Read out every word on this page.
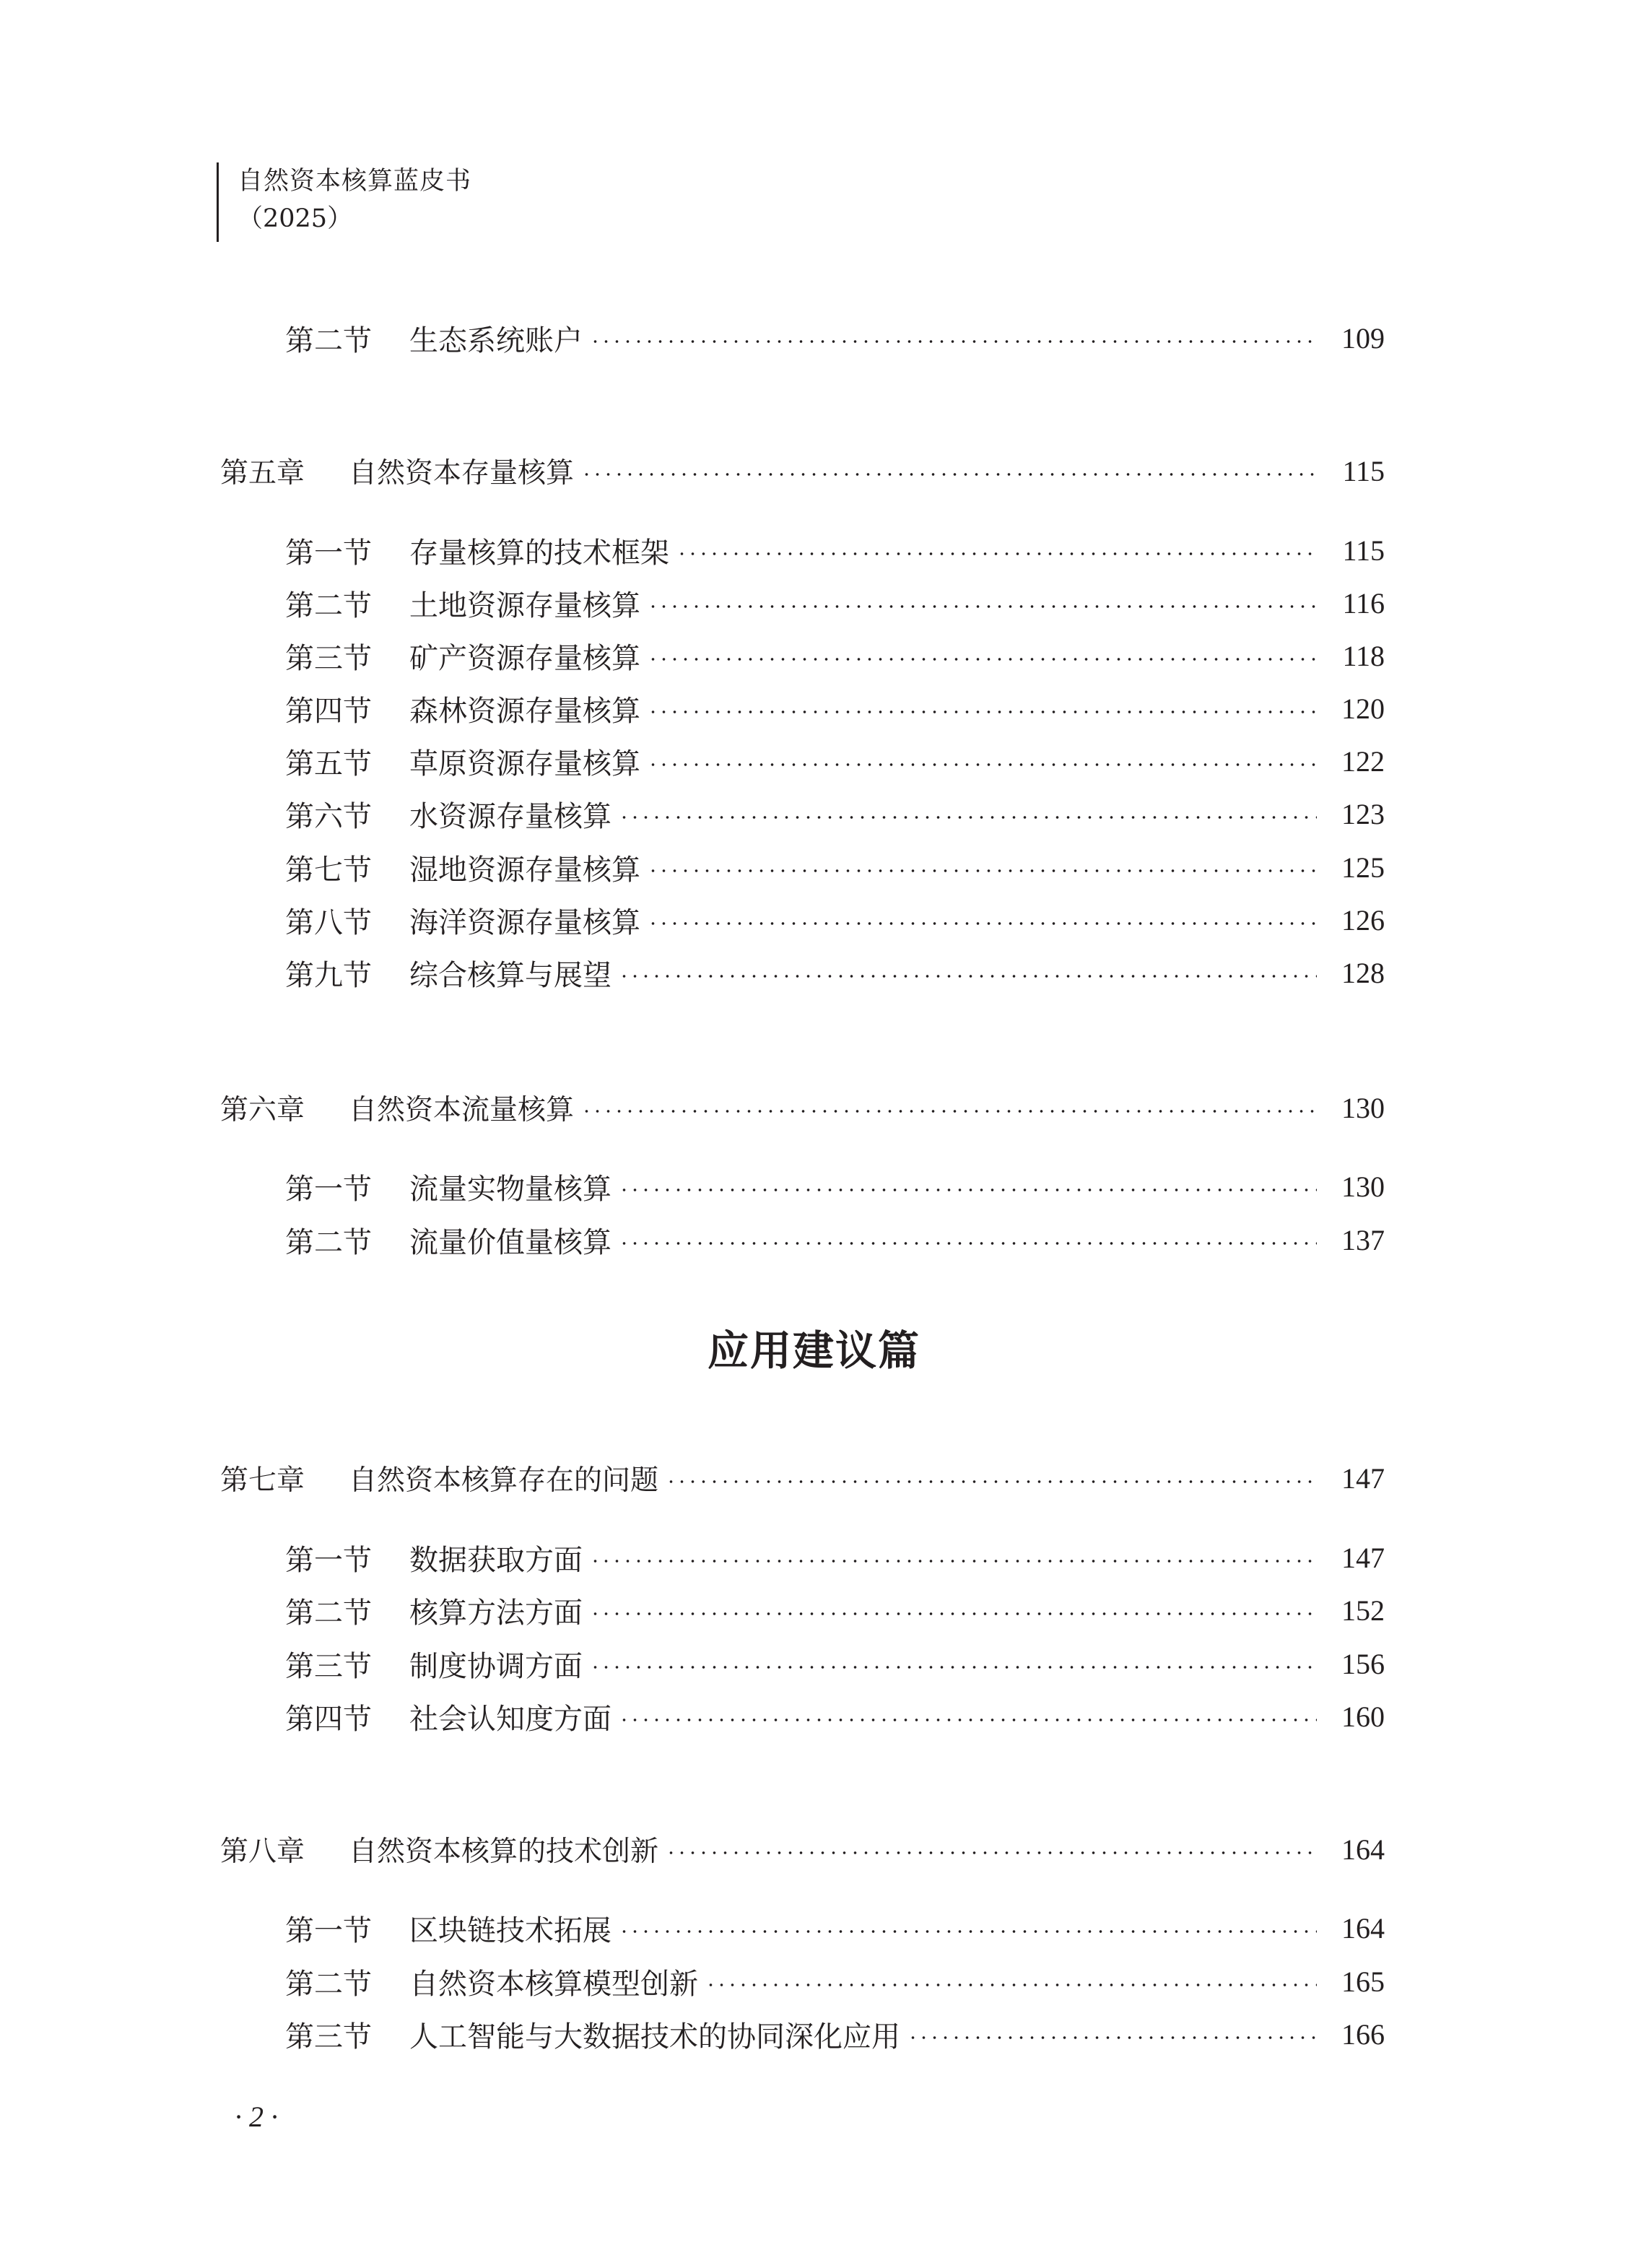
自然资本核算蓝皮书
（2025）
第二节	生态系统账户	109
第五章	自然资本存量核算	115
第一节	存量核算的技术框架	115
第二节	土地资源存量核算	116
第三节	矿产资源存量核算	118
第四节	森林资源存量核算	120
第五节	草原资源存量核算	122
第六节	水资源存量核算	123
第七节	湿地资源存量核算	125
第八节	海洋资源存量核算	126
第九节	综合核算与展望	128
第六章	自然资本流量核算	130
第一节	流量实物量核算	130
第二节	流量价值量核算	137
应用建议篇
第七章	自然资本核算存在的问题	147
第一节	数据获取方面	147
第二节	核算方法方面	152
第三节	制度协调方面	156
第四节	社会认知度方面	160
第八章	自然资本核算的技术创新	164
第一节	区块链技术拓展	164
第二节	自然资本核算模型创新	165
第三节	人工智能与大数据技术的协同深化应用	166
· 2 ·
